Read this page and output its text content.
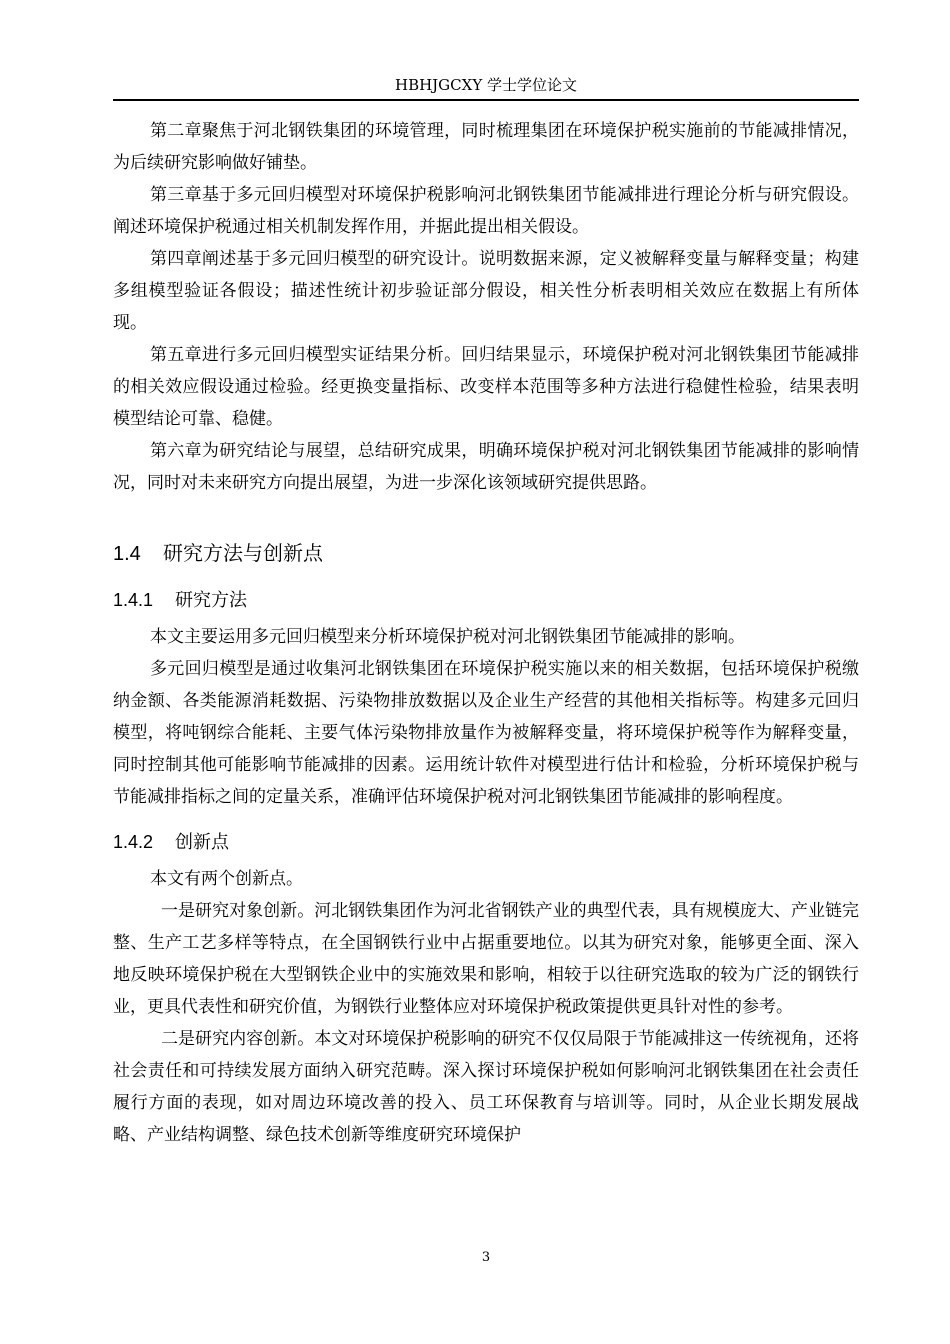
HBHJGCXY 学士学位论文

第二章聚焦于河北钢铁集团的环境管理，同时梳理集团在环境保护税实施前的节能减排情况，为后续研究影响做好铺垫。

第三章基于多元回归模型对环境保护税影响河北钢铁集团节能减排进行理论分析与研究假设。阐述环境保护税通过相关机制发挥作用，并据此提出相关假设。

第四章阐述基于多元回归模型的研究设计。说明数据来源，定义被解释变量与解释变量；构建多组模型验证各假设；描述性统计初步验证部分假设，相关性分析表明相关效应在数据上有所体现。

第五章进行多元回归模型实证结果分析。回归结果显示，环境保护税对河北钢铁集团节能减排的相关效应假设通过检验。经更换变量指标、改变样本范围等多种方法进行稳健性检验，结果表明模型结论可靠、稳健。

第六章为研究结论与展望，总结研究成果，明确环境保护税对河北钢铁集团节能减排的影响情况，同时对未来研究方向提出展望，为进一步深化该领域研究提供思路。

1.4 研究方法与创新点
1.4.1 研究方法

本文主要运用多元回归模型来分析环境保护税对河北钢铁集团节能减排的影响。

多元回归模型是通过收集河北钢铁集团在环境保护税实施以来的相关数据，包括环境保护税缴纳金额、各类能源消耗数据、污染物排放数据以及企业生产经营的其他相关指标等。构建多元回归模型，将吨钢综合能耗、主要气体污染物排放量作为被解释变量，将环境保护税等作为解释变量，同时控制其他可能影响节能减排的因素。运用统计软件对模型进行估计和检验，分析环境保护税与节能减排指标之间的定量关系，准确评估环境保护税对河北钢铁集团节能减排的影响程度。

1.4.2 创新点

本文有两个创新点。

一是研究对象创新。河北钢铁集团作为河北省钢铁产业的典型代表，具有规模庞大、产业链完整、生产工艺多样等特点，在全国钢铁行业中占据重要地位。以其为研究对象，能够更全面、深入地反映环境保护税在大型钢铁企业中的实施效果和影响，相较于以往研究选取的较为广泛的钢铁行业，更具代表性和研究价值，为钢铁行业整体应对环境保护税政策提供更具针对性的参考。

二是研究内容创新。本文对环境保护税影响的研究不仅仅局限于节能减排这一传统视角，还将社会责任和可持续发展方面纳入研究范畴。深入探讨环境保护税如何影响河北钢铁集团在社会责任履行方面的表现，如对周边环境改善的投入、员工环保教育与培训等。同时，从企业长期发展战略、产业结构调整、绿色技术创新等维度研究环境保护

3
